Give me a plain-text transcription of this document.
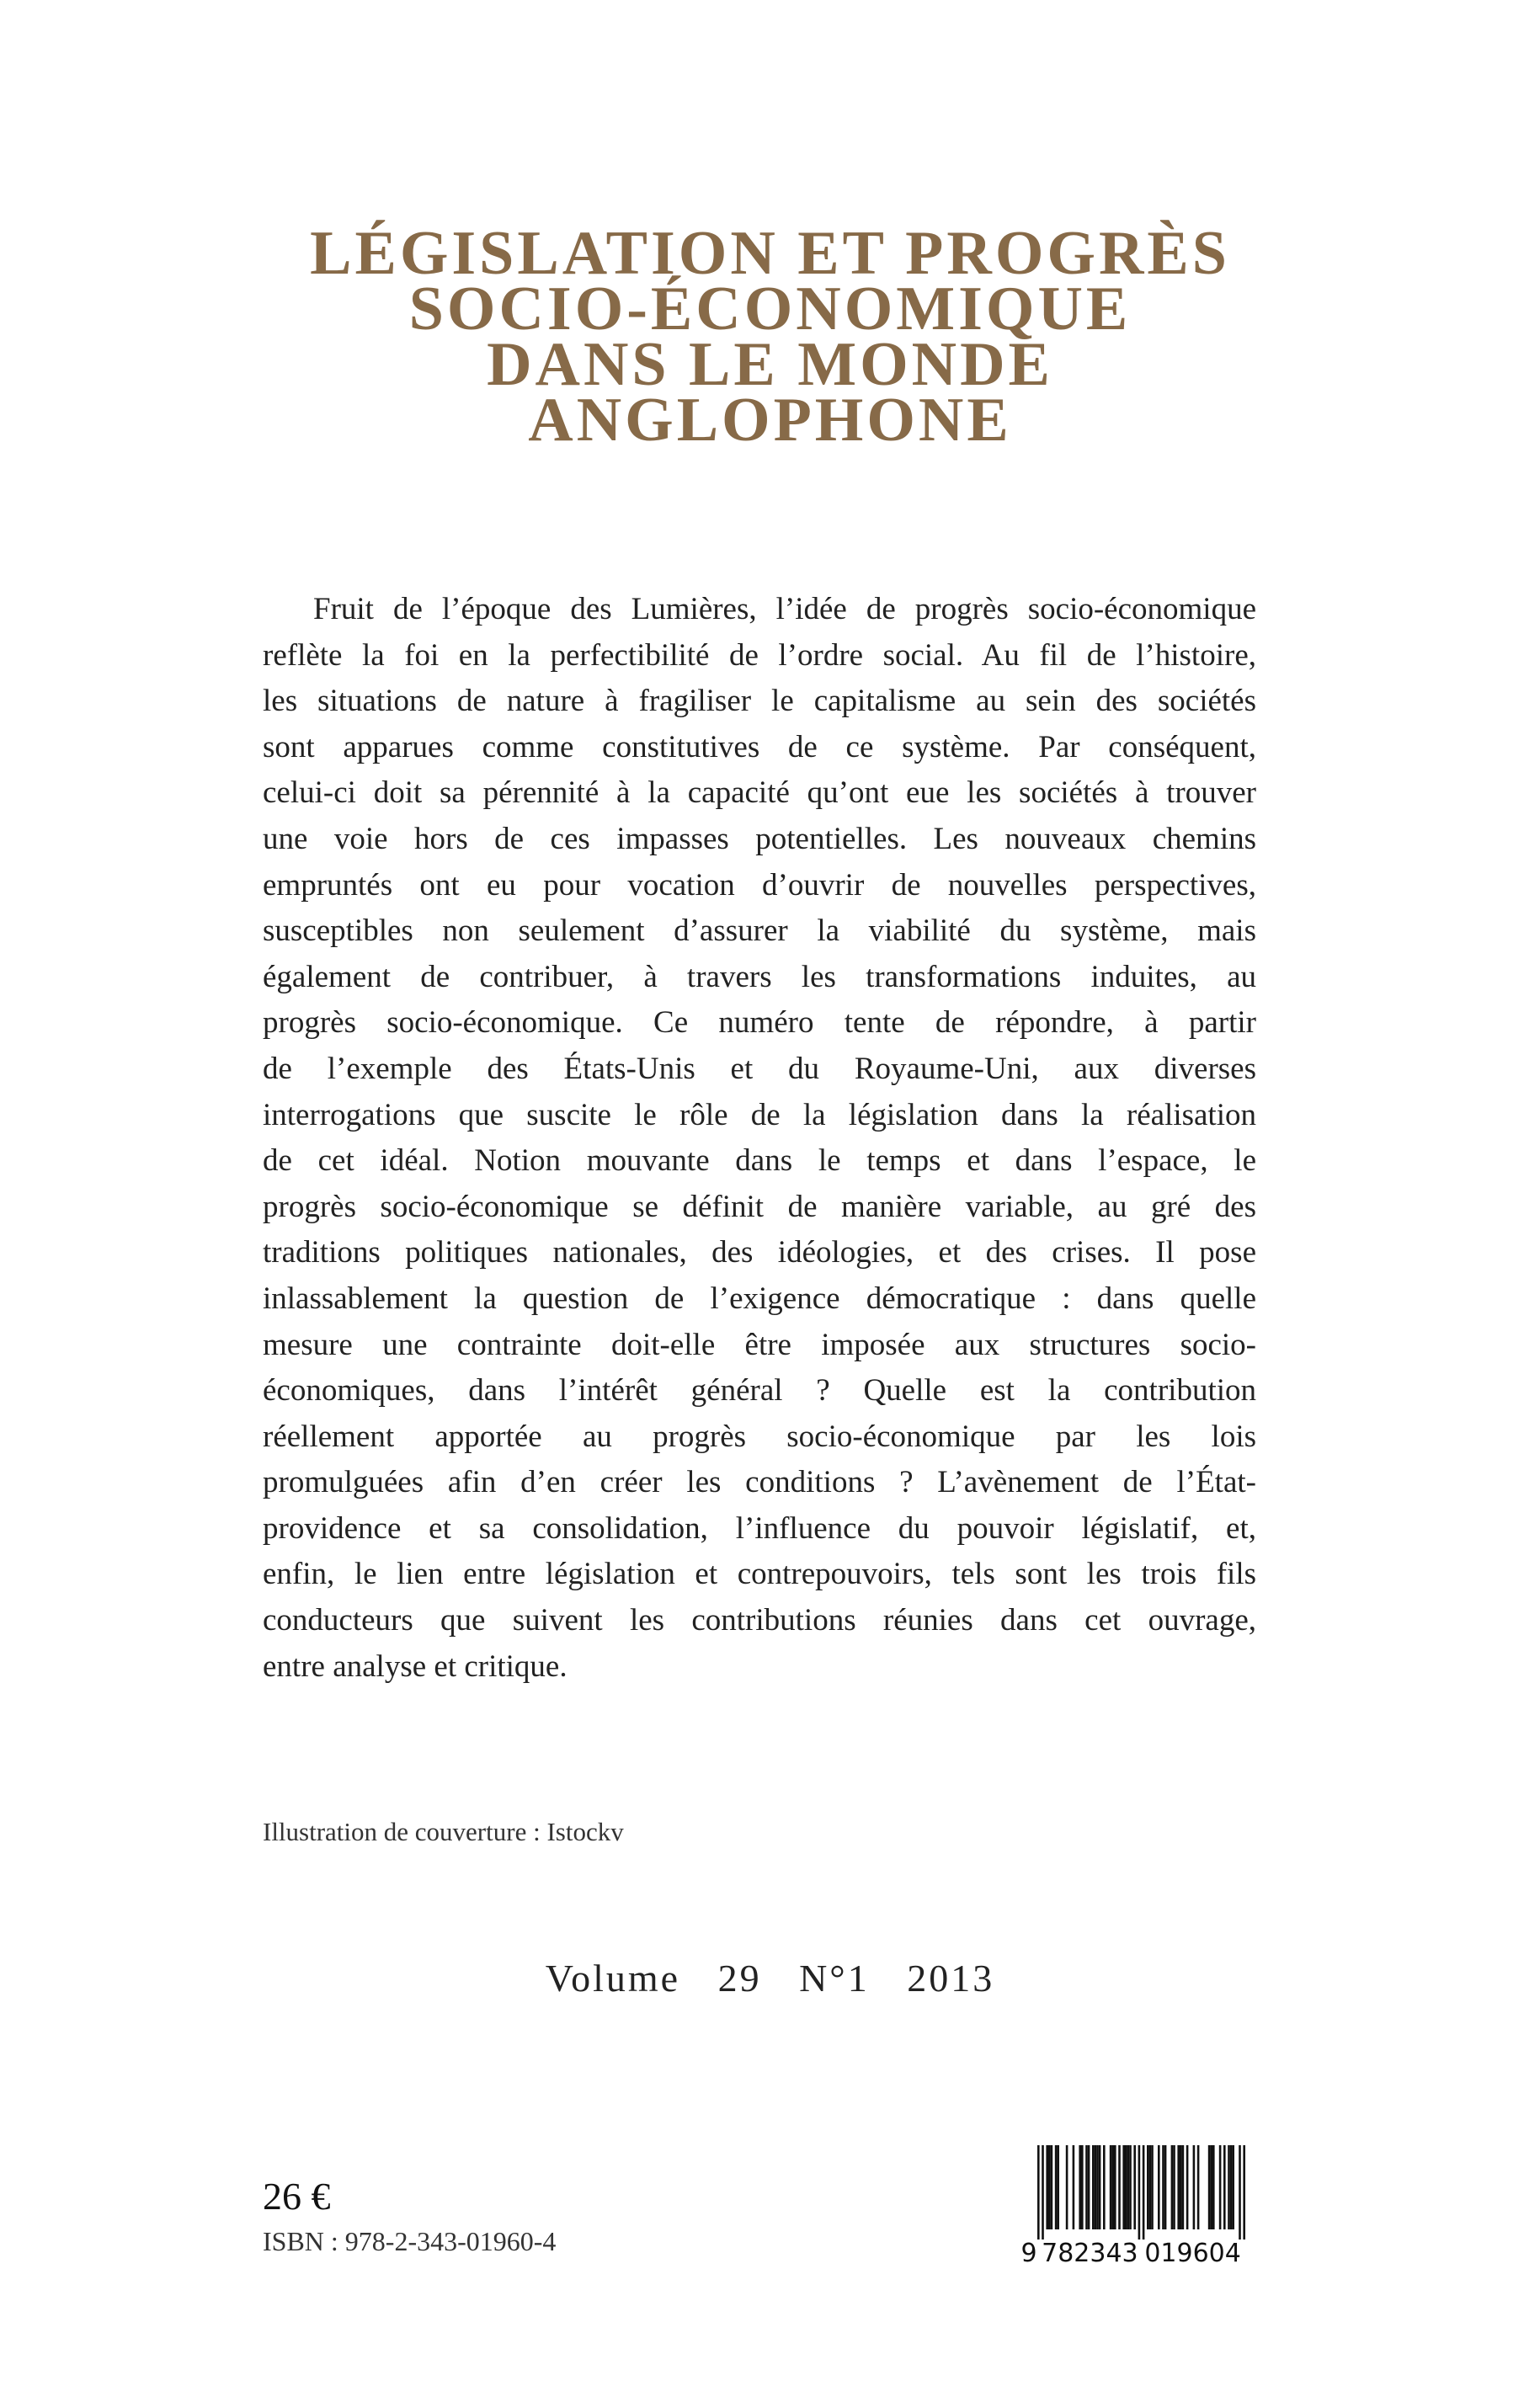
LÉGISLATION ET PROGRÈS
SOCIO-ÉCONOMIQUE
DANS LE MONDE
ANGLOPHONE
Fruit de l’époque des Lumières, l’idée de progrès socio-économique
reflète la foi en la perfectibilité de l’ordre social. Au fil de l’histoire,
les situations de nature à fragiliser le capitalisme au sein des sociétés
sont apparues comme constitutives de ce système. Par conséquent,
celui-ci doit sa pérennité à la capacité qu’ont eue les sociétés à trouver
une voie hors de ces impasses potentielles. Les nouveaux chemins
empruntés ont eu pour vocation d’ouvrir de nouvelles perspectives,
susceptibles non seulement d’assurer la viabilité du système, mais
également de contribuer, à travers les transformations induites, au
progrès socio-économique. Ce numéro tente de répondre, à partir
de l’exemple des États-Unis et du Royaume-Uni, aux diverses
interrogations que suscite le rôle de la législation dans la réalisation
de cet idéal. Notion mouvante dans le temps et dans l’espace, le
progrès socio-économique se définit de manière variable, au gré des
traditions politiques nationales, des idéologies, et des crises. Il pose
inlassablement la question de l’exigence démocratique : dans quelle
mesure une contrainte doit-elle être imposée aux structures socio-
économiques, dans l’intérêt général ? Quelle est la contribution
réellement apportée au progrès socio-économique par les lois
promulguées afin d’en créer les conditions ? L’avènement de l’État-
providence et sa consolidation, l’influence du pouvoir législatif, et,
enfin, le lien entre législation et contrepouvoirs, tels sont les trois fils
conducteurs que suivent les contributions réunies dans cet ouvrage,
entre analyse et critique.
Illustration de couverture : Istockv
Volume 29 N°1 2013
26 €
ISBN : 978-2-343-01960-4	9 782343 019604
